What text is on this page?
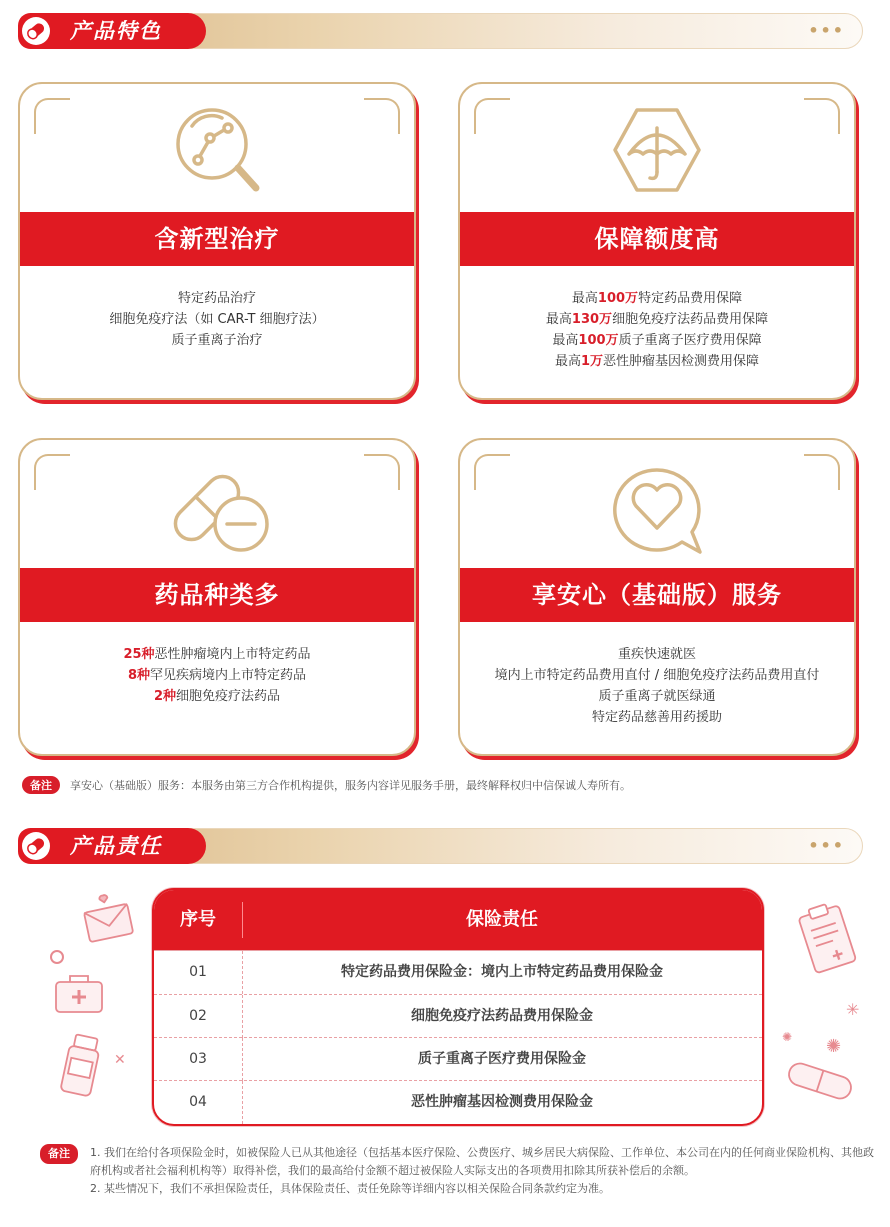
产品特色	•••
含新型治疗
特定药品治疗
细胞免疫疗法（如 CAR-T 细胞疗法）
质子重离子治疗
保障额度高
最高100万特定药品费用保障
最高130万细胞免疫疗法药品费用保障
最高100万质子重离子医疗费用保障
最高1万恶性肿瘤基因检测费用保障
药品种类多
25种恶性肿瘤境内上市特定药品
8种罕见疾病境内上市特定药品
2种细胞免疫疗法药品
享安心（基础版）服务
重疾快速就医
境内上市特定药品费用直付 / 细胞免疫疗法药品费用直付
质子重离子就医绿通
特定药品慈善用药援助
备注 享安心（基础版）服务：本服务由第三方合作机构提供，服务内容详见服务手册，最终解释权归中信保诚人寿所有。
产品责任	•••
✕
✳
✺ ✺
序号	保险责任
01	特定药品费用保险金：境内上市特定药品费用保险金
02	细胞免疫疗法药品费用保险金
03	质子重离子医疗费用保险金
04	恶性肿瘤基因检测费用保险金
备注	1. 我们在给付各项保险金时，如被保险人已从其他途径（包括基本医疗保险、公费医疗、城乡居民大病保险、工作单位、本公司在内的任何商业保险机构、其他政府机构或者社会福利机构等）取得补偿，我们的最高给付金额不超过被保险人实际支出的各项费用扣除其所获补偿后的余额。
2. 某些情况下，我们不承担保险责任，具体保险责任、责任免除等详细内容以相关保险合同条款约定为准。
